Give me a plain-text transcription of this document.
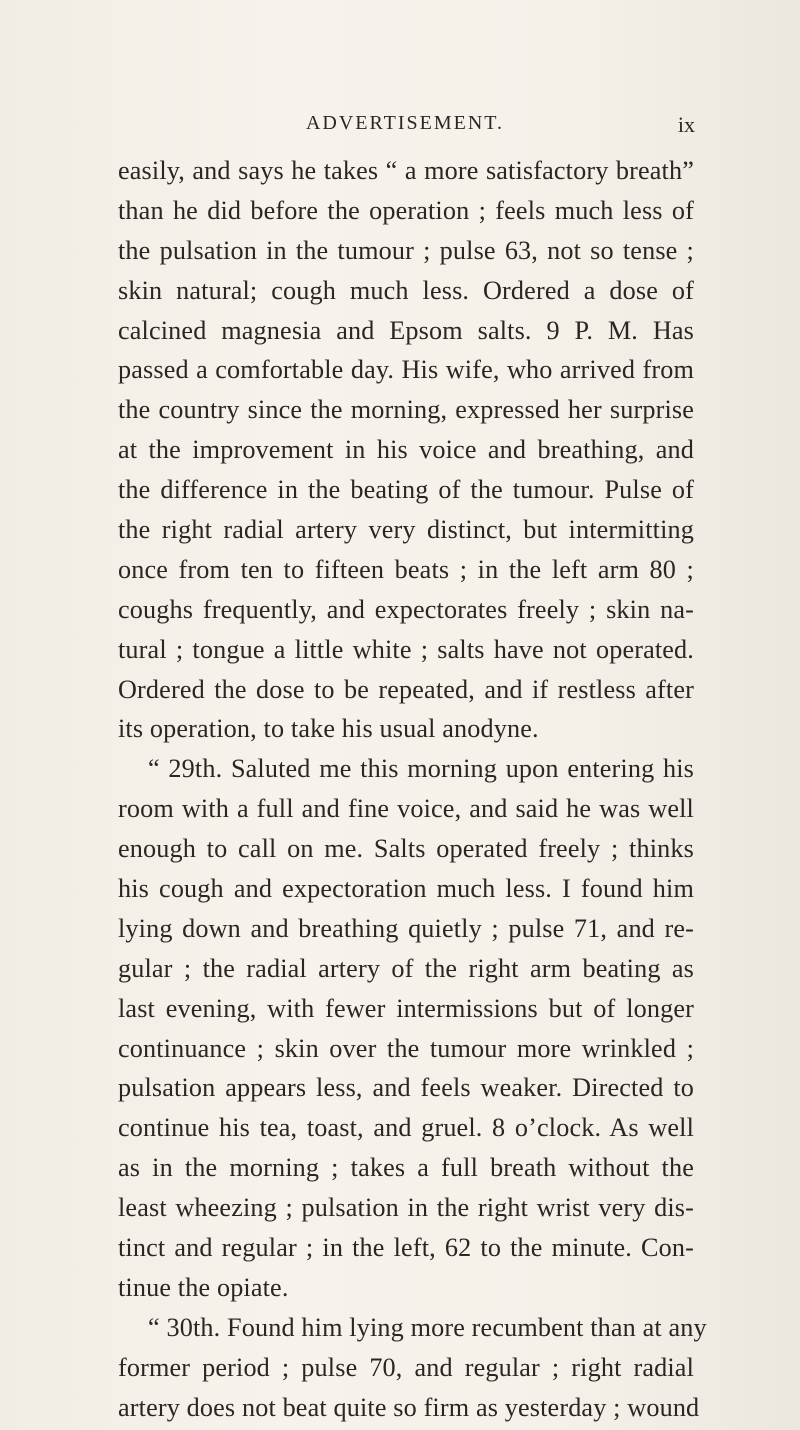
ADVERTISEMENT.	ix
easily, and says he takes “ a more satisfactory breath”
than he did before the operation ; feels much less of
the pulsation in the tumour ; pulse 63, not so tense ;
skin natural; cough much less. Ordered a dose of
calcined magnesia and Epsom salts. 9 P. M. Has
passed a comfortable day. His wife, who arrived from
the country since the morning, expressed her surprise
at the improvement in his voice and breathing, and
the difference in the beating of the tumour. Pulse of
the right radial artery very distinct, but intermitting
once from ten to fifteen beats ; in the left arm 80 ;
coughs frequently, and expectorates freely ; skin na-
tural ; tongue a little white ; salts have not operated.
Ordered the dose to be repeated, and if restless after
its operation, to take his usual anodyne.
“ 29th. Saluted me this morning upon entering his
room with a full and fine voice, and said he was well
enough to call on me. Salts operated freely ; thinks
his cough and expectoration much less. I found him
lying down and breathing quietly ; pulse 71, and re-
gular ; the radial artery of the right arm beating as
last evening, with fewer intermissions but of longer
continuance ; skin over the tumour more wrinkled ;
pulsation appears less, and feels weaker. Directed to
continue his tea, toast, and gruel. 8 o’clock. As well
as in the morning ; takes a full breath without the
least wheezing ; pulsation in the right wrist very dis-
tinct and regular ; in the left, 62 to the minute. Con-
tinue the opiate.
“ 30th. Found him lying more recumbent than at any
former period ; pulse 70, and regular ; right radial
artery does not beat quite so firm as yesterday ; wound
